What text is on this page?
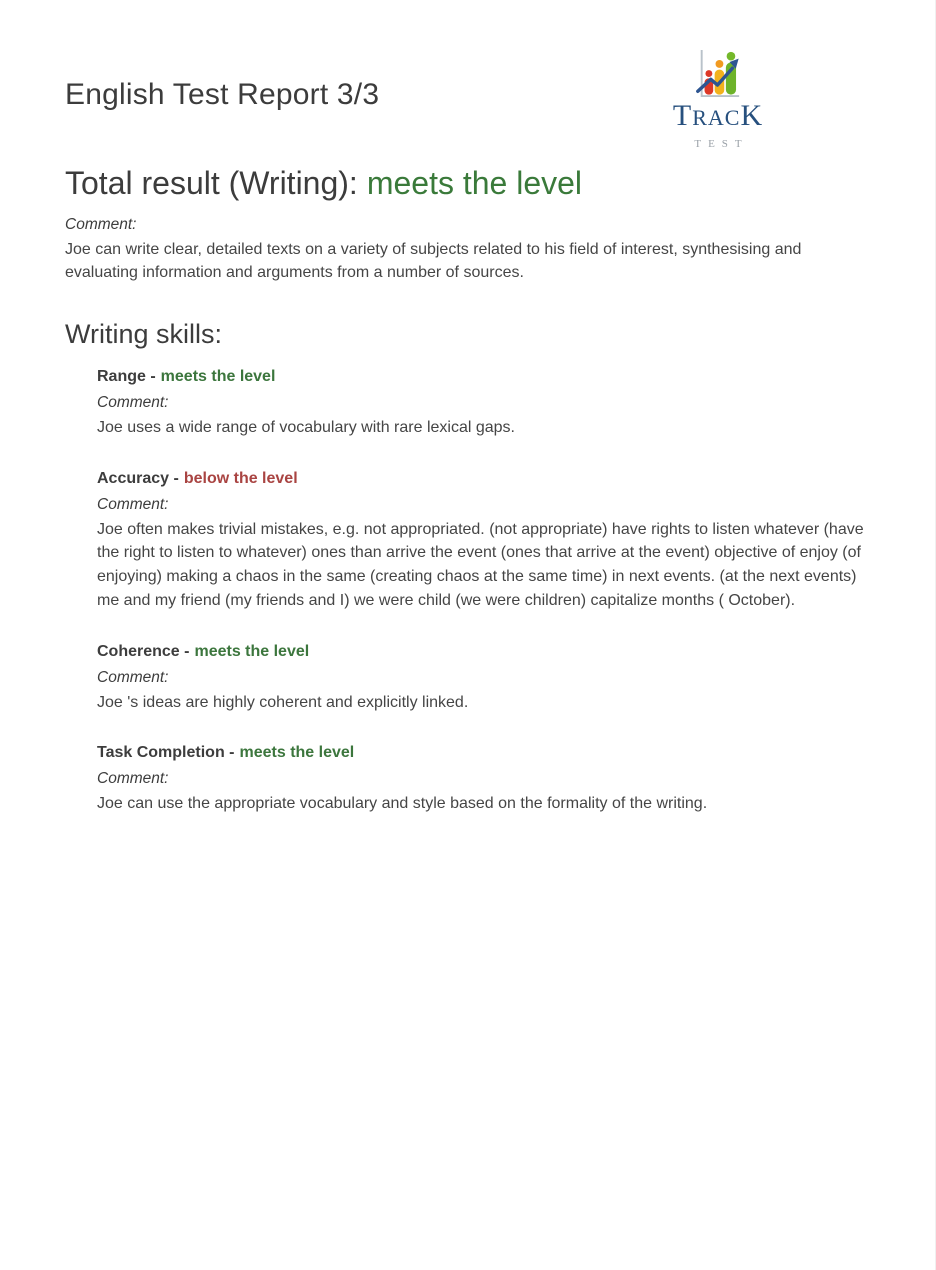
English Test Report 3/3
TRACK
TEST
Total result (Writing): meets the level
Comment:

Joe can write clear, detailed texts on a variety of subjects related to his field of interest, synthesising and evaluating information and arguments from a number of sources.

Writing skills:
Range - meets the level
Comment:

Joe uses a wide range of vocabulary with rare lexical gaps.

Accuracy - below the level
Comment:

Joe often makes trivial mistakes, e.g. not appropriated. (not appropriate) have rights to listen whatever (have the right to listen to whatever) ones than arrive the event (ones that arrive at the event) objective of enjoy (of enjoying) making a chaos in the same (creating chaos at the same time) in next events. (at the next events) me and my friend (my friends and I) we were child (we were children) capitalize months ( October).

Coherence - meets the level
Comment:

Joe 's ideas are highly coherent and explicitly linked.

Task Completion - meets the level
Comment:

Joe can use the appropriate vocabulary and style based on the formality of the writing.
